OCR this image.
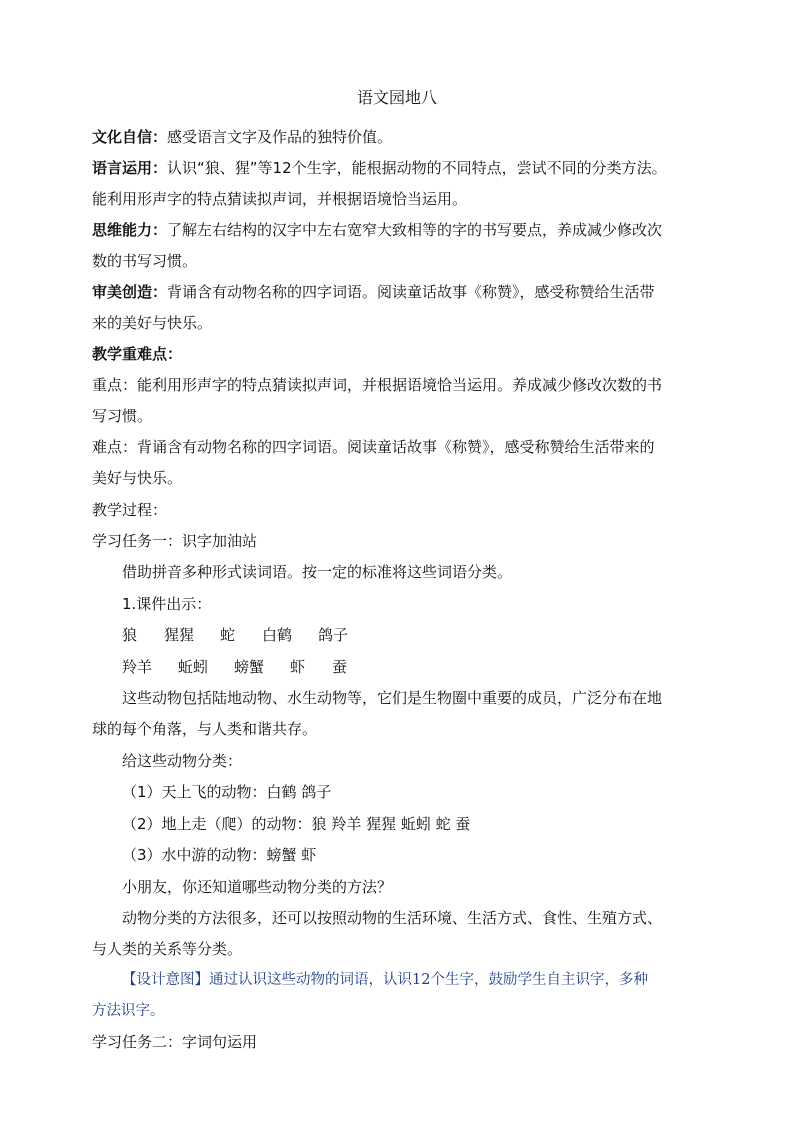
语文园地八
文化自信：感受语言文字及作品的独特价值。
语言运用：认识“狼、猩”等12个生字，能根据动物的不同特点，尝试不同的分类方法。
能利用形声字的特点猜读拟声词，并根据语境恰当运用。
思维能力：了解左右结构的汉字中左右宽窄大致相等的字的书写要点，养成减少修改次
数的书写习惯。
审美创造：背诵含有动物名称的四字词语。阅读童话故事《称赞》，感受称赞给生活带
来的美好与快乐。
教学重难点：
重点：能利用形声字的特点猜读拟声词，并根据语境恰当运用。养成减少修改次数的书
写习惯。
难点：背诵含有动物名称的四字词语。阅读童话故事《称赞》，感受称赞给生活带来的
美好与快乐。
教学过程：
学习任务一：识字加油站
借助拼音多种形式读词语。按一定的标准将这些词语分类。
1.课件出示：
狼 猩猩 蛇 白鹤 鸽子
羚羊 蚯蚓 螃蟹 虾 蚕
这些动物包括陆地动物、水生动物等，它们是生物圈中重要的成员，广泛分布在地
球的每个角落，与人类和谐共存。
给这些动物分类：
（1）天上飞的动物：白鹤 鸽子
（2）地上走（爬）的动物：狼 羚羊 猩猩 蚯蚓 蛇 蚕
（3）水中游的动物：螃蟹 虾
小朋友，你还知道哪些动物分类的方法？
动物分类的方法很多，还可以按照动物的生活环境、生活方式、食性、生殖方式、
与人类的关系等分类。
【设计意图】通过认识这些动物的词语，认识12个生字，鼓励学生自主识字，多种
方法识字。
学习任务二：字词句运用
